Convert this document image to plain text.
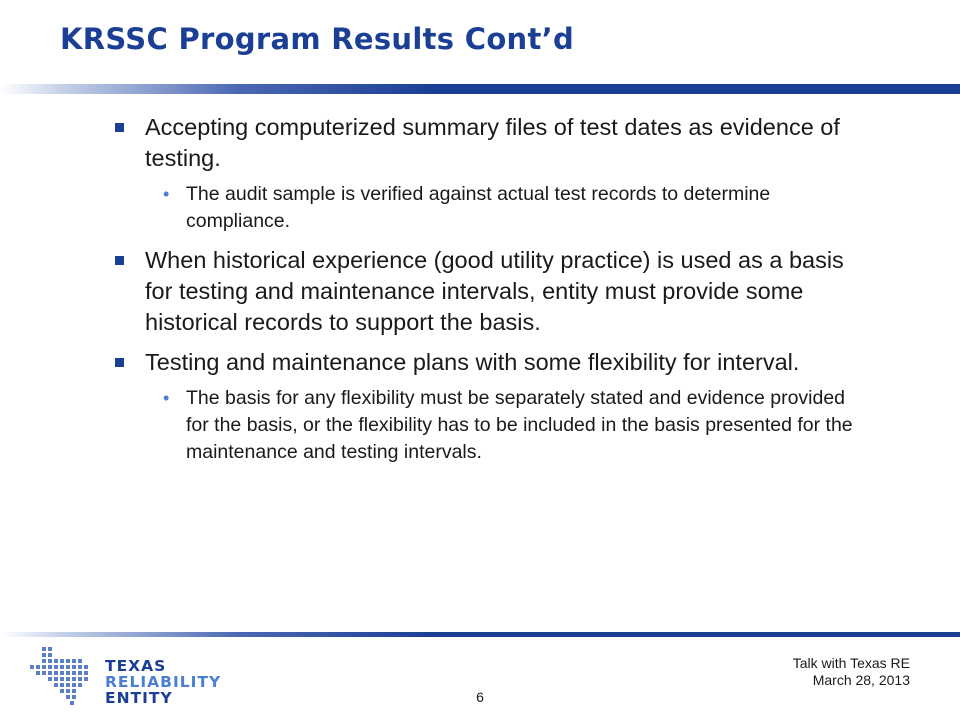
KRSSC Program Results Cont’d
Accepting computerized summary files of test dates as evidence of testing.
• The audit sample is verified against actual test records to determine compliance.
When historical experience (good utility practice) is used as a basis for testing and maintenance intervals, entity must provide some historical records to support the basis.
Testing and maintenance plans with some flexibility for interval.
• The basis for any flexibility must be separately stated and evidence provided for the basis, or the flexibility has to be included in the basis presented for the maintenance and testing intervals.
TEXAS
RELIABILITY
ENTITY	6
Talk with Texas RE
March 28, 2013
